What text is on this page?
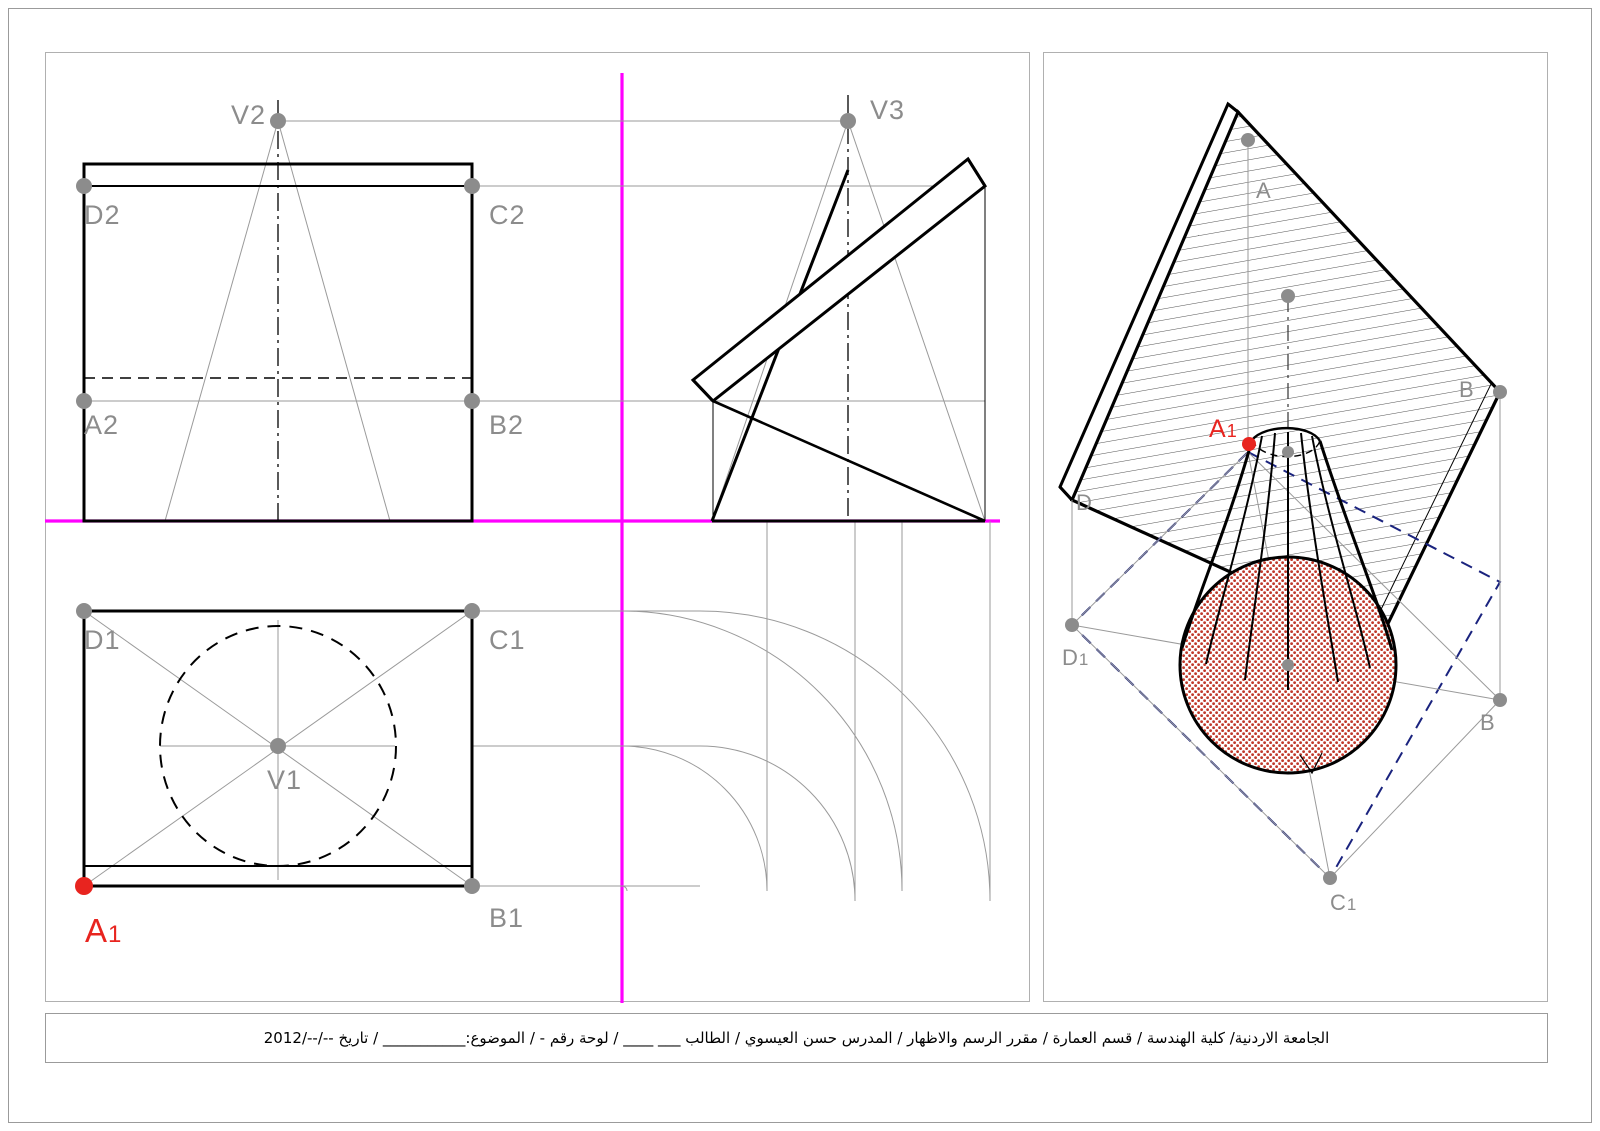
V2	V3
D2	C2
A2	B2
D1	C1
V1
B1
A1
A
B
D
D1
B
C1
A1
الجامعة الاردنية/ كلية الهندسة / قسم العمارة / مقرر الرسم والاظهار / المدرس حسن العيسوي / الطالب ___ ____ / لوحة رقم - / الموضوع:___________ / تاريخ --/--/2012
